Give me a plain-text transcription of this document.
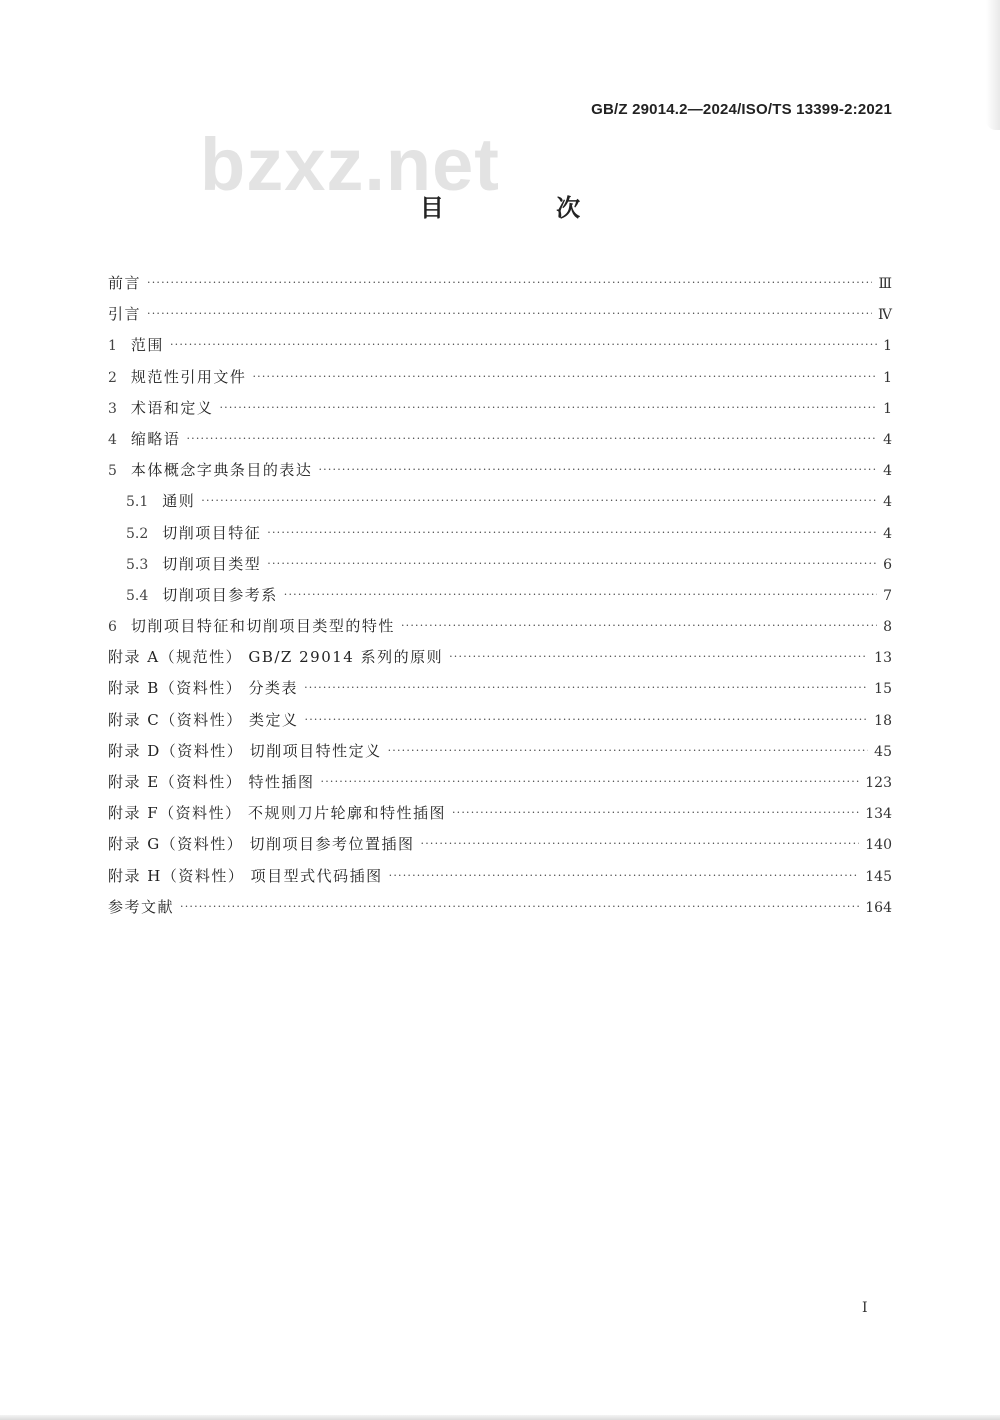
GB/Z 29014.2—2024/ISO/TS 13399-2:2021
bzxz.net
目 次
前言 ·····	Ⅲ
引言 ·····	Ⅳ
1 范围 ·····	1
2 规范性引用文件 ·····	1
3 术语和定义 ·····	1
4 缩略语 ·····	4
5 本体概念字典条目的表达 ·····	4
5.1 通则 ·····	4
5.2 切削项目特征 ·····	4
5.3 切削项目类型 ·····	6
5.4 切削项目参考系 ·····	7
6 切削项目特征和切削项目类型的特性 ·····	8
附录 A（规范性） GB/Z 29014 系列的原则 ·····	13
附录 B（资料性） 分类表 ·····	15
附录 C（资料性） 类定义 ·····	18
附录 D（资料性） 切削项目特性定义 ·····	45
附录 E（资料性） 特性插图 ·····	123
附录 F（资料性） 不规则刀片轮廓和特性插图 ·····	134
附录 G（资料性） 切削项目参考位置插图 ·····	140
附录 H（资料性） 项目型式代码插图 ·····	145
参考文献 ·····	164
I
